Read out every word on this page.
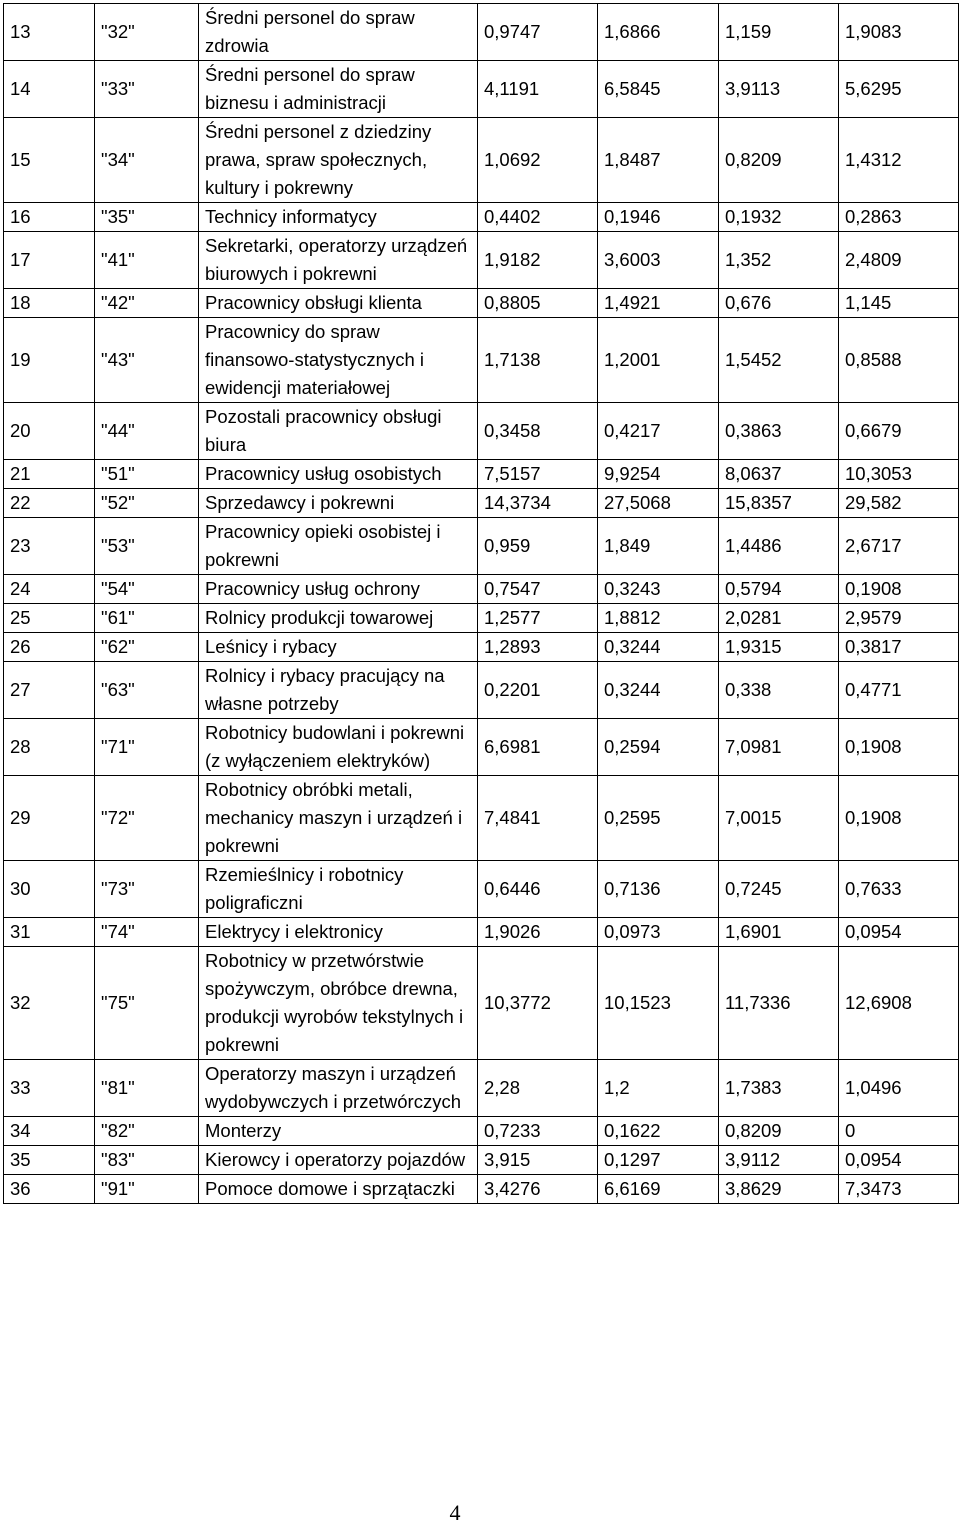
13	"32"	Średni personel do spraw zdrowia	0,9747	1,6866	1,159	1,9083
14	"33"	Średni personel do spraw biznesu i administracji	4,1191	6,5845	3,9113	5,6295
15	"34"	Średni personel z dziedziny prawa, spraw społecznych, kultury i pokrewny	1,0692	1,8487	0,8209	1,4312
16	"35"	Technicy informatycy	0,4402	0,1946	0,1932	0,2863
17	"41"	Sekretarki, operatorzy urządzeń biurowych i pokrewni	1,9182	3,6003	1,352	2,4809
18	"42"	Pracownicy obsługi klienta	0,8805	1,4921	0,676	1,145
19	"43"	Pracownicy do spraw finansowo-statystycznych i ewidencji materiałowej	1,7138	1,2001	1,5452	0,8588
20	"44"	Pozostali pracownicy obsługi biura	0,3458	0,4217	0,3863	0,6679
21	"51"	Pracownicy usług osobistych	7,5157	9,9254	8,0637	10,3053
22	"52"	Sprzedawcy i pokrewni	14,3734	27,5068	15,8357	29,582
23	"53"	Pracownicy opieki osobistej i pokrewni	0,959	1,849	1,4486	2,6717
24	"54"	Pracownicy usług ochrony	0,7547	0,3243	0,5794	0,1908
25	"61"	Rolnicy produkcji towarowej	1,2577	1,8812	2,0281	2,9579
26	"62"	Leśnicy i rybacy	1,2893	0,3244	1,9315	0,3817
27	"63"	Rolnicy i rybacy pracujący na własne potrzeby	0,2201	0,3244	0,338	0,4771
28	"71"	Robotnicy budowlani i pokrewni (z wyłączeniem elektryków)	6,6981	0,2594	7,0981	0,1908
29	"72"	Robotnicy obróbki metali, mechanicy maszyn i urządzeń i pokrewni	7,4841	0,2595	7,0015	0,1908
30	"73"	Rzemieślnicy i robotnicy poligraficzni	0,6446	0,7136	0,7245	0,7633
31	"74"	Elektrycy i elektronicy	1,9026	0,0973	1,6901	0,0954
32	"75"	Robotnicy w przetwórstwie spożywczym, obróbce drewna, produkcji wyrobów tekstylnych i pokrewni	10,3772	10,1523	11,7336	12,6908
33	"81"	Operatorzy maszyn i urządzeń wydobywczych i przetwórczych	2,28	1,2	1,7383	1,0496
34	"82"	Monterzy	0,7233	0,1622	0,8209	0
35	"83"	Kierowcy i operatorzy pojazdów	3,915	0,1297	3,9112	0,0954
36	"91"	Pomoce domowe i sprzątaczki	3,4276	6,6169	3,8629	7,3473
4
